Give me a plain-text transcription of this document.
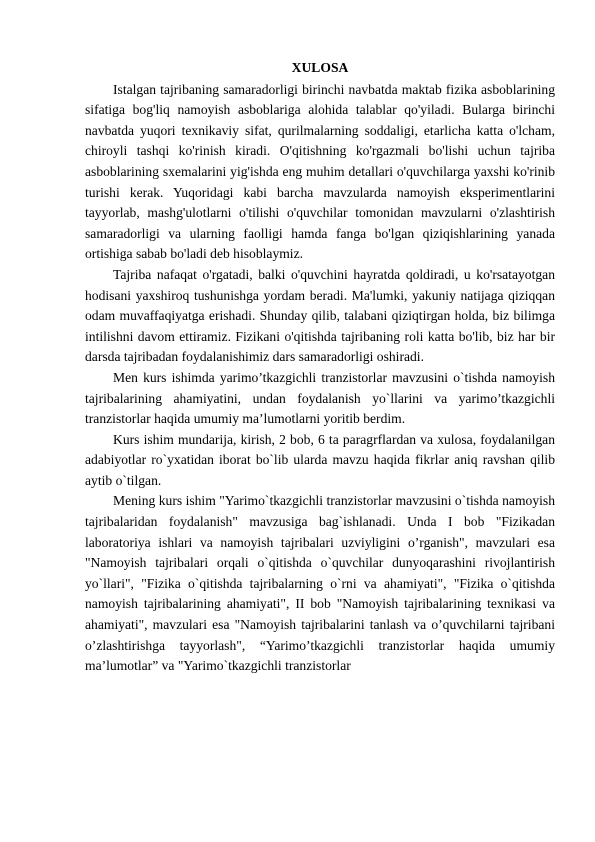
XULOSA

Istalgan tajribaning samaradorligi birinchi navbatda maktab fizika asboblarining sifatiga bog'liq namoyish asboblariga alohida talablar qo'yiladi. Bularga birinchi navbatda yuqori texnikaviy sifat, qurilmalarning soddaligi, etarlicha katta o'lcham, chiroyli tashqi ko'rinish kiradi. O'qitishning ko'rgazmali bo'lishi uchun tajriba asboblarining sxemalarini yig'ishda eng muhim detallari o'quvchilarga yaxshi ko'rinib turishi kerak. Yuqoridagi kabi barcha mavzularda namoyish eksperimentlarini tayyorlab, mashg'ulotlarni o'tilishi o'quvchilar tomonidan mavzularni o'zlashtirish samaradorligi va ularning faolligi hamda fanga bo'lgan qiziqishlarining yanada ortishiga sabab bo'ladi deb hisoblaymiz.

Tajriba nafaqat o'rgatadi, balki o'quvchini hayratda qoldiradi, u ko'rsatayotgan hodisani yaxshiroq tushunishga yordam beradi. Ma'lumki, yakuniy natijaga qiziqqan odam muvaffaqiyatga erishadi. Shunday qilib, talabani qiziqtirgan holda, biz bilimga intilishni davom ettiramiz. Fizikani o'qitishda tajribaning roli katta bo'lib, biz har bir darsda tajribadan foydalanishimiz dars samaradorligi oshiradi.

Men kurs ishimda yarimo’tkazgichli tranzistorlar mavzusini o`tishda namoyish tajribalarining ahamiyatini, undan foydalanish yo`llarini va yarimo’tkazgichli tranzistorlar haqida umumiy ma’lumotlarni yoritib berdim.

Kurs ishim mundarija, kirish, 2 bob, 6 ta paragrflardan va xulosa, foydalanilgan adabiyotlar ro`yxatidan iborat bo`lib ularda mavzu haqida fikrlar aniq ravshan qilib aytib o`tilgan.

Mening kurs ishim "Yarimo`tkazgichli tranzistorlar mavzusini o`tishda namoyish tajribalaridan foydalanish" mavzusiga bag`ishlanadi. Unda I bob "Fizikadan laboratoriya ishlari va namoyish tajribalari uzviyligini o’rganish", mavzulari esa "Namoyish tajribalari orqali o`qitishda o`quvchilar dunyoqarashini rivojlantirish yo`llari", "Fizika o`qitishda tajribalarning o`rni va ahamiyati", "Fizika o`qitishda namoyish tajribalarining ahamiyati", II bob "Namoyish tajribalarining texnikasi va ahamiyati", mavzulari esa "Namoyish tajribalarini tanlash va o’quvchilarni tajribani o’zlashtirishga tayyorlash", “Yarimo’tkazgichli tranzistorlar haqida umumiy ma’lumotlar” va "Yarimo`tkazgichli tranzistorlar
